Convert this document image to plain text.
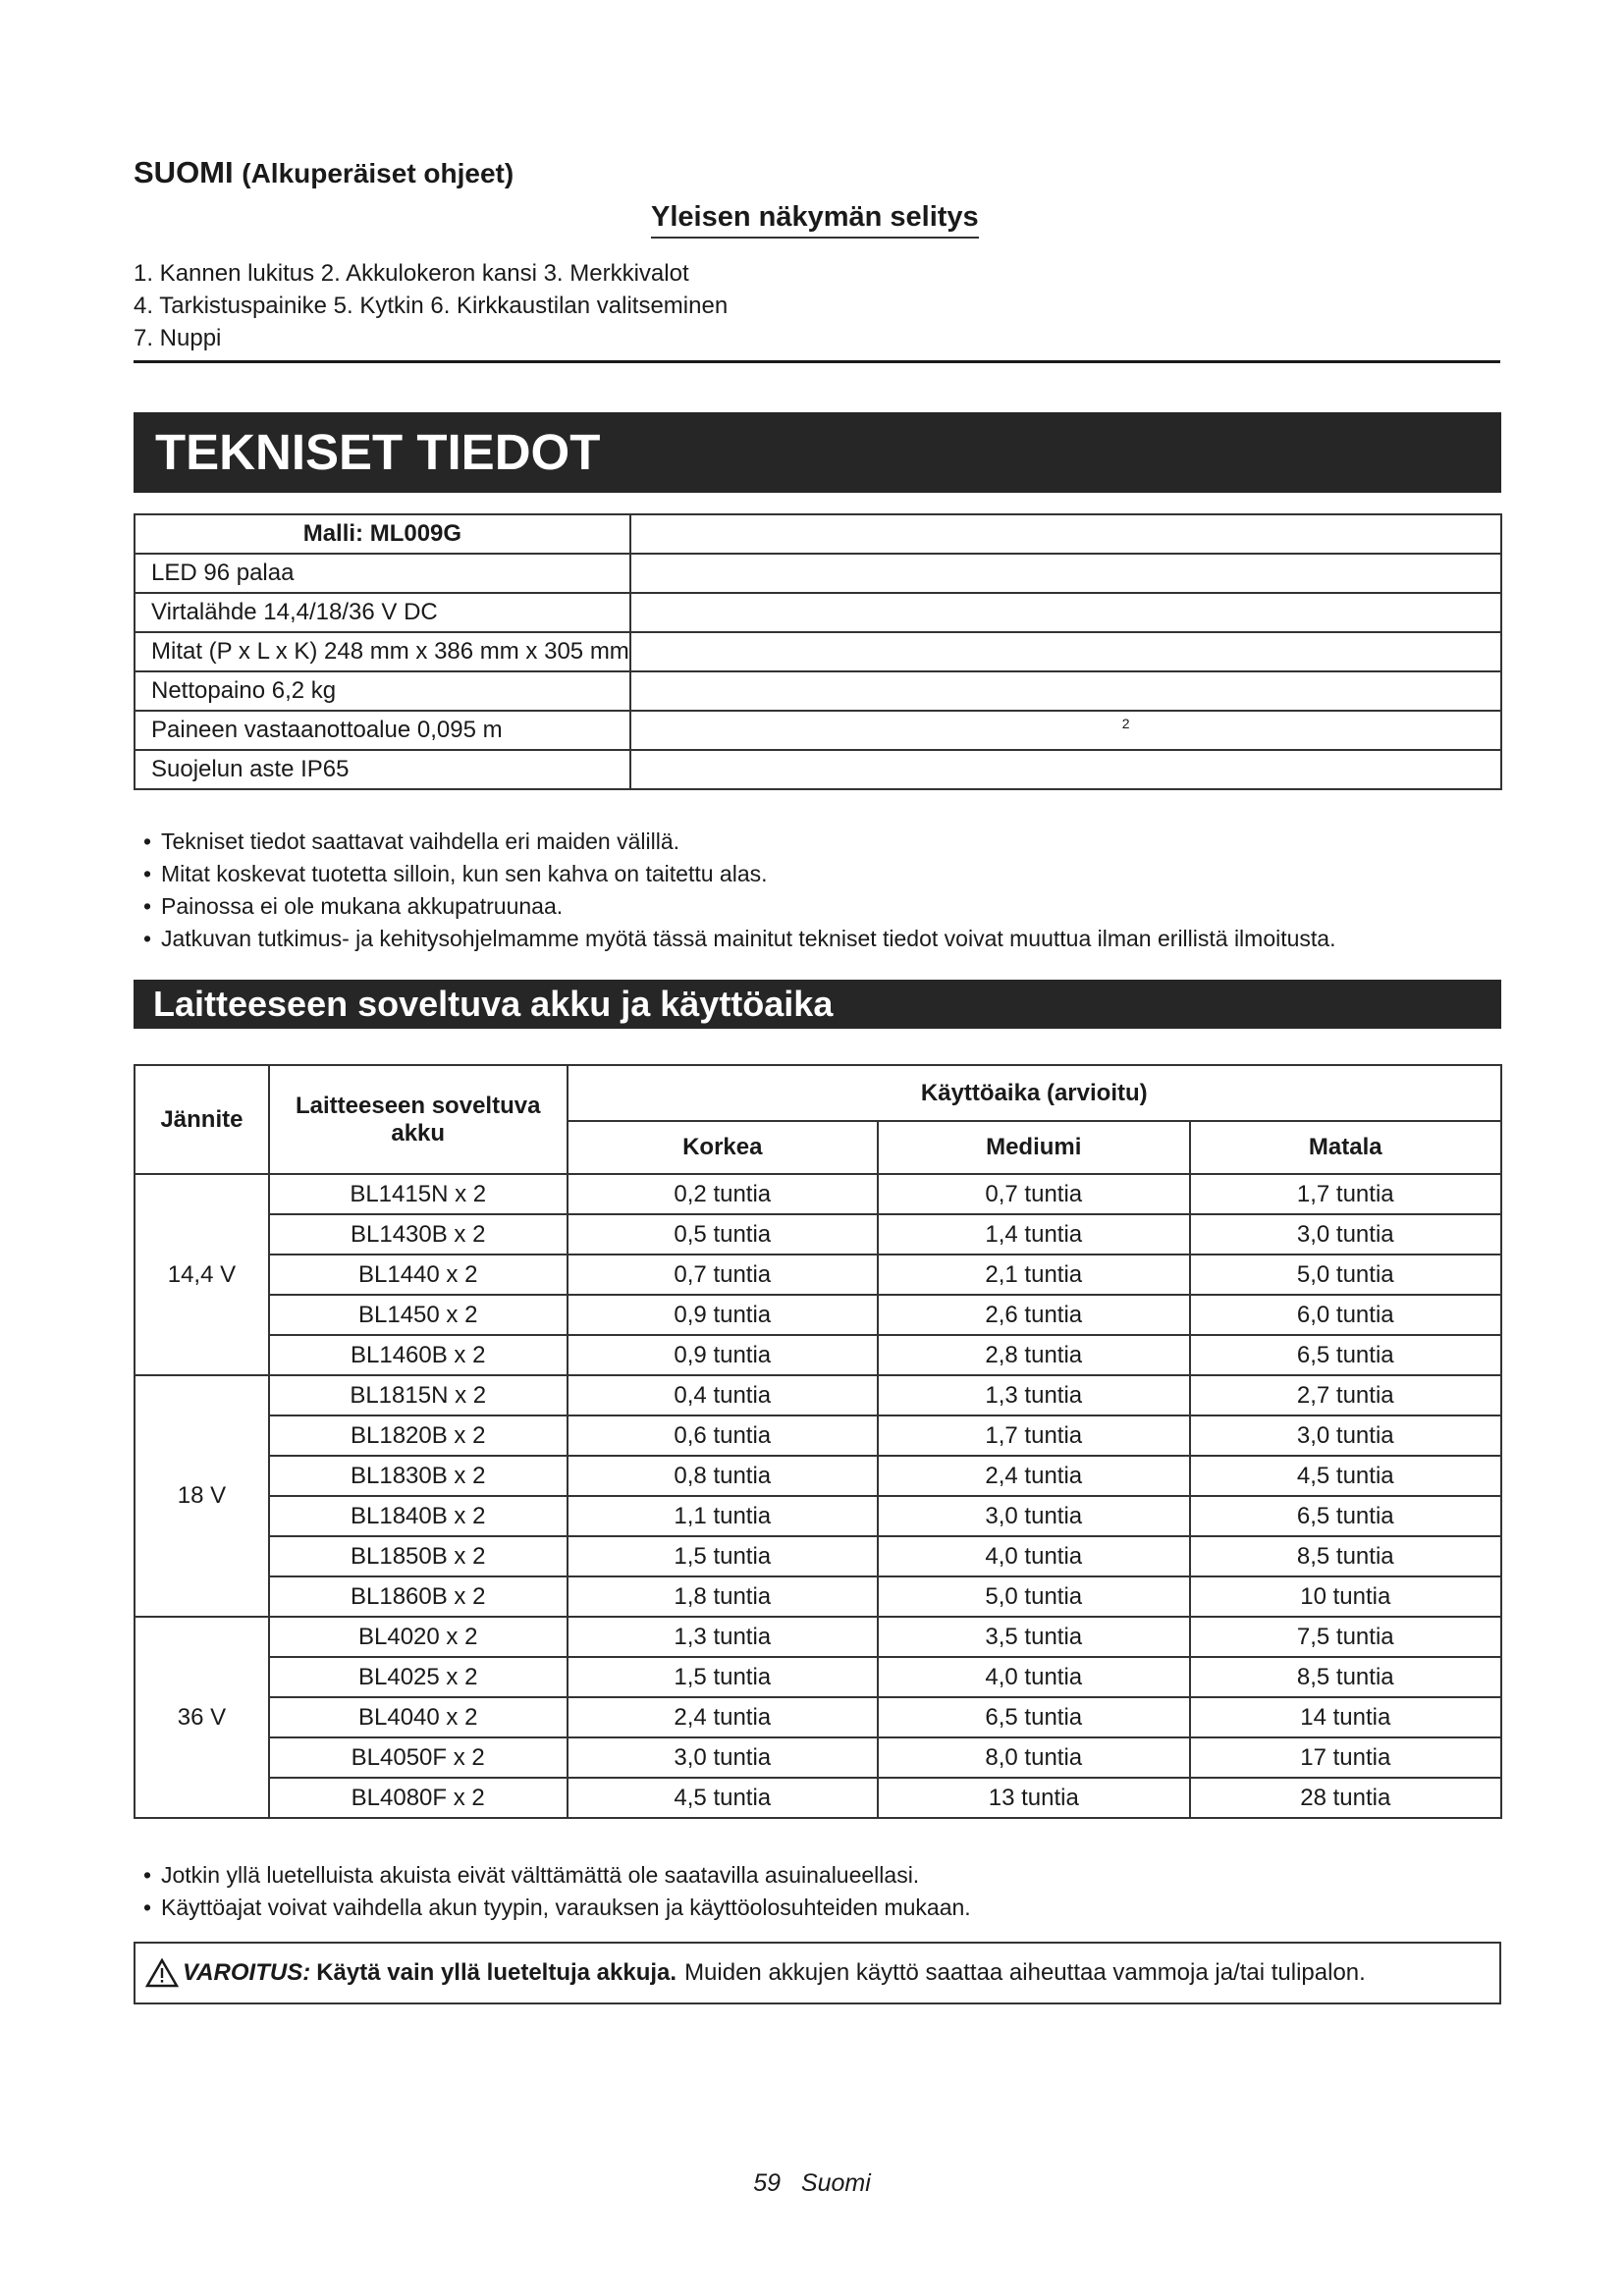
SUOMI (Alkuperäiset ohjeet)
Yleisen näkymän selitys
1. Kannen lukitus 2. Akkulokeron kansi 3. Merkkivalot
4. Tarkistuspainike 5. Kytkin 6. Kirkkaustilan valitseminen
7. Nuppi
TEKNISET TIEDOT
Malli: ML009G	
LED 96 palaa	
Virtalähde 14,4/18/36 V DC	
Mitat (P x L x K) 248 mm x 386 mm x 305 mm	
Nettopaino 6,2 kg	
Paineen vastaanottoalue 0,095 m	2

Suojelun aste IP65	
• Tekniset tiedot saattavat vaihdella eri maiden välillä.
• Mitat koskevat tuotetta silloin, kun sen kahva on taitettu alas.
• Painossa ei ole mukana akkupatruunaa.
• Jatkuvan tutkimus- ja kehitysohjelmamme myötä tässä mainitut tekniset tiedot voivat muuttua ilman erillistä ilmoitusta.
Laitteeseen soveltuva akku ja käyttöaika
Jännite	Laitteeseen soveltuva akku	Käyttöaika (arvioitu)		
		Korkea	Mediumi	Matala
14,4 V	BL1415N x 2	0,2 tuntia	0,7 tuntia	1,7 tuntia
	BL1430B x 2	0,5 tuntia	1,4 tuntia	3,0 tuntia
	BL1440 x 2	0,7 tuntia	2,1 tuntia	5,0 tuntia
	BL1450 x 2	0,9 tuntia	2,6 tuntia	6,0 tuntia
	BL1460B x 2	0,9 tuntia	2,8 tuntia	6,5 tuntia
18 V	BL1815N x 2	0,4 tuntia	1,3 tuntia	2,7 tuntia
	BL1820B x 2	0,6 tuntia	1,7 tuntia	3,0 tuntia
	BL1830B x 2	0,8 tuntia	2,4 tuntia	4,5 tuntia
	BL1840B x 2	1,1 tuntia	3,0 tuntia	6,5 tuntia
	BL1850B x 2	1,5 tuntia	4,0 tuntia	8,5 tuntia
	BL1860B x 2	1,8 tuntia	5,0 tuntia	10 tuntia
36 V	BL4020 x 2	1,3 tuntia	3,5 tuntia	7,5 tuntia
	BL4025 x 2	1,5 tuntia	4,0 tuntia	8,5 tuntia
	BL4040 x 2	2,4 tuntia	6,5 tuntia	14 tuntia
	BL4050F x 2	3,0 tuntia	8,0 tuntia	17 tuntia
	BL4080F x 2	4,5 tuntia	13 tuntia	28 tuntia
• Jotkin yllä luetelluista akuista eivät välttämättä ole saatavilla asuinalueellasi.
• Käyttöajat voivat vaihdella akun tyypin, varauksen ja käyttöolosuhteiden mukaan.
VAROITUS: Käytä vain yllä lueteltuja akkuja. Muiden akkujen käyttö saattaa aiheuttaa vammoja ja/tai tulipalon.
59 Suomi
